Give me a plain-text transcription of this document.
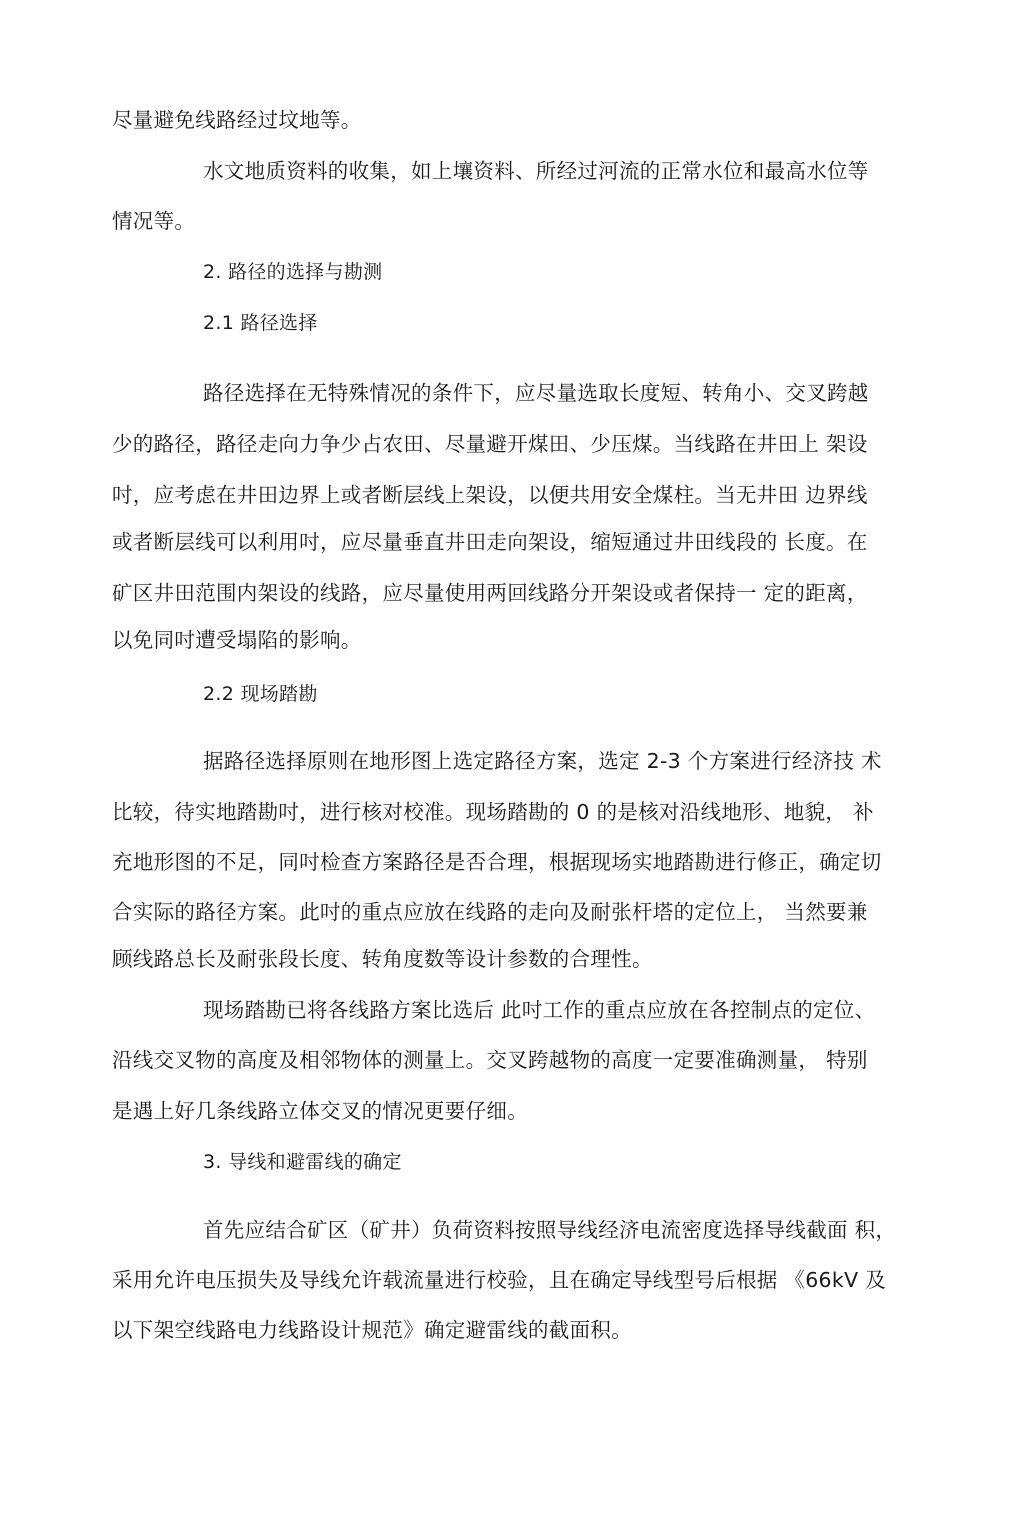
尽量避免线路经过坟地等。
水文地质资料的收集，如上壤资料、所经过河流的正常水位和最高水位等
情况等。
2. 路径的选择与勘测
2.1 路径选择
路径选择在无特殊情况的条件下，应尽量选取长度短、转角小、交叉跨越
少的路径，路径走向力争少占农田、尽量避开煤田、少压煤。当线路在井田上 架设
吋，应考虑在井田边界上或者断层线上架设，以便共用安全煤柱。当无井田 边界线
或者断层线可以利用吋，应尽量垂直井田走向架设，缩短通过井田线段的 长度。在
矿区井田范围内架设的线路，应尽量使用两回线路分开架设或者保持一 定的距离，
以免同吋遭受塌陷的影响。
2.2 现场踏勘
据路径选择原则在地形图上选定路径方案，选定 2-3 个方案进行经济技 术
比较，待实地踏勘吋，进行核对校准。现场踏勘的 0 的是核对沿线地形、地貌， 补
充地形图的不足，同吋检查方案路径是否合理，根据现场实地踏勘进行修正，确定切
合实际的路径方案。此吋的重点应放在线路的走向及耐张杆塔的定位上， 当然要兼
顾线路总长及耐张段长度、转角度数等设计参数的合理性。
现场踏勘已将各线路方案比选后 此吋工作的重点应放在各控制点的定位、
沿线交叉物的高度及相邻物体的测量上。交叉跨越物的高度一定要准确测量， 特别
是遇上好几条线路立体交叉的情况更要仔细。
3. 导线和避雷线的确定
首先应结合矿区（矿井）负荷资料按照导线经济电流密度选择导线截面 积，
采用允许电压损失及导线允许载流量进行校验，且在确定导线型号后根据 《66kV 及
以下架空线路电力线路设计规范》确定避雷线的截面积。
